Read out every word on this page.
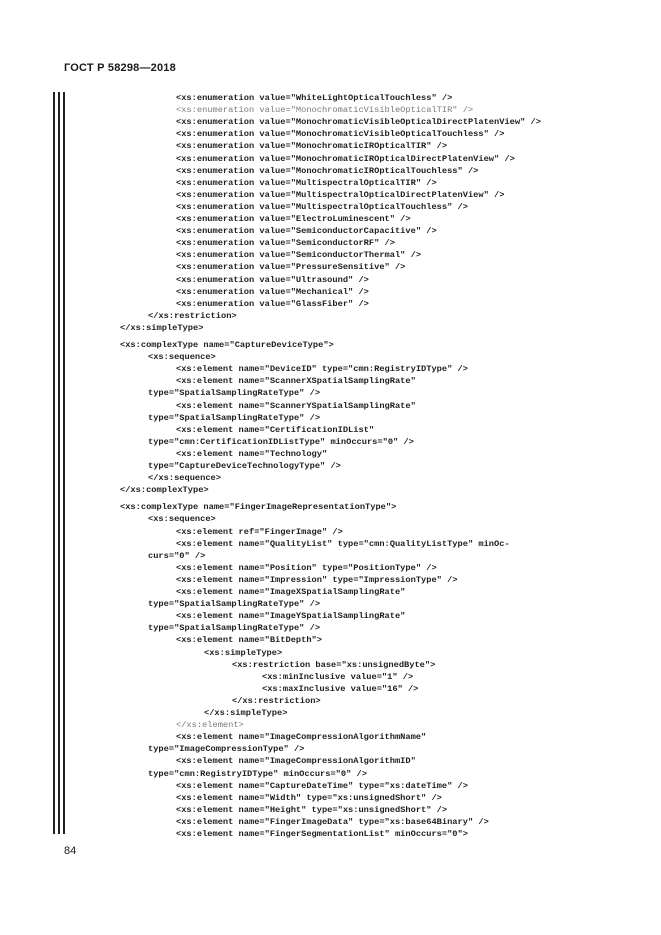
ГОСТ Р 58298—2018
<xs:enumeration value="WhiteLightOpticalTouchless" />
<xs:enumeration value="MonochromaticVisibleOpticalTIR" />
<xs:enumeration value="MonochromaticVisibleOpticalDirectPlatenView" />
<xs:enumeration value="MonochromaticVisibleOpticalTouchless" />
<xs:enumeration value="MonochromaticIROpticalTIR" />
<xs:enumeration value="MonochromaticIROpticalDirectPlatenView" />
<xs:enumeration value="MonochromaticIROpticalTouchless" />
<xs:enumeration value="MultispectralOpticalTIR" />
<xs:enumeration value="MultispectralOpticalDirectPlatenView" />
<xs:enumeration value="MultispectralOpticalTouchless" />
<xs:enumeration value="ElectroLuminescent" />
<xs:enumeration value="SemiconductorCapacitive" />
<xs:enumeration value="SemiconductorRF" />
<xs:enumeration value="SemiconductorThermal" />
<xs:enumeration value="PressureSensitive" />
<xs:enumeration value="Ultrasound" />
<xs:enumeration value="Mechanical" />
<xs:enumeration value="GlassFiber" />
</xs:restriction>
</xs:simpleType>
<xs:complexType name="CaptureDeviceType">
<xs:sequence>
<xs:element name="DeviceID" type="cmn:RegistryIDType" />
<xs:element name="ScannerXSpatialSamplingRate"
type="SpatialSamplingRateType" />
<xs:element name="ScannerYSpatialSamplingRate"
type="SpatialSamplingRateType" />
<xs:element name="CertificationIDList"
type="cmn:CertificationIDListType" minOccurs="0" />
<xs:element name="Technology"
type="CaptureDeviceTechnologyType" />
</xs:sequence>
</xs:complexType>
<xs:complexType name="FingerImageRepresentationType">
<xs:sequence>
<xs:element ref="FingerImage" />
<xs:element name="QualityList" type="cmn:QualityListType" minOc-
curs="0" />
<xs:element name="Position" type="PositionType" />
<xs:element name="Impression" type="ImpressionType" />
<xs:element name="ImageXSpatialSamplingRate"
type="SpatialSamplingRateType" />
<xs:element name="ImageYSpatialSamplingRate"
type="SpatialSamplingRateType" />
<xs:element name="BitDepth">
<xs:simpleType>
<xs:restriction base="xs:unsignedByte">
<xs:minInclusive value="1" />
<xs:maxInclusive value="16" />
</xs:restriction>
</xs:simpleType>
</xs:element>
<xs:element name="ImageCompressionAlgorithmName"
type="ImageCompressionType" />
<xs:element name="ImageCompressionAlgorithmID"
type="cmn:RegistryIDType" minOccurs="0" />
<xs:element name="CaptureDateTime" type="xs:dateTime" />
<xs:element name="Width" type="xs:unsignedShort" />
<xs:element name="Height" type="xs:unsignedShort" />
<xs:element name="FingerImageData" type="xs:base64Binary" />
<xs:element name="FingerSegmentationList" minOccurs="0">
84
